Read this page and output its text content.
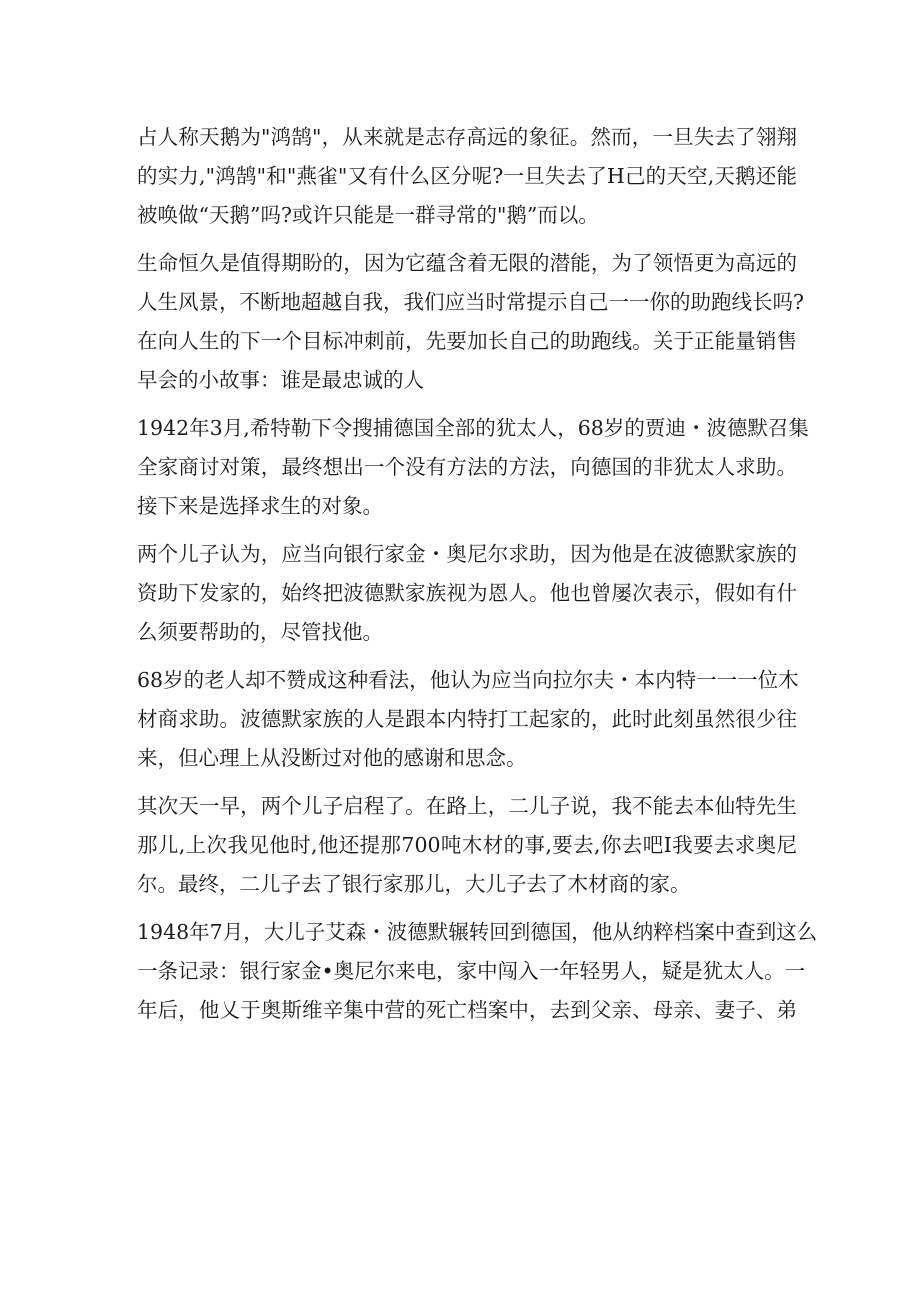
占人称天鹅为"鸿鹄"，从来就是志存高远的象征。然而，一旦失去了翎翔
的实力,"鸿鹄"和"燕雀"又有什么区分呢?一旦失去了H己的天空,天鹅还能
被唤做“天鹅”吗?或许只能是一群寻常的"鹅”而以。
生命恒久是值得期盼的，因为它蕴含着无限的潜能，为了领悟更为高远的
人生风景，不断地超越自我，我们应当时常提示自己一一你的助跑线长吗?
在向人生的下一个目标冲刺前，先要加长自己的助跑线。关于正能量销售
早会的小故事：谁是最忠诚的人
1942年3月,希特勒下令搜捕德国全部的犹太人，68岁的贾迪・波德默召集
全家商讨对策，最终想出一个没有方法的方法，向德国的非犹太人求助。
接下来是选择求生的对象。
两个儿子认为，应当向银行家金・奥尼尔求助，因为他是在波德默家族的
资助下发家的，始终把波德默家族视为恩人。他也曾屡次表示，假如有什
么须要帮助的，尽管找他。
68岁的老人却不赞成这种看法，他认为应当向拉尔夫・本内特一一一位木
材商求助。波德默家族的人是跟本内特打工起家的，此时此刻虽然很少往
来，但心理上从没断过对他的感谢和思念。
其次天一早，两个儿子启程了。在路上，二儿子说，我不能去本仙特先生
那儿,上次我见他时,他还提那700吨木材的事,要去,你去吧I我要去求奥尼
尔。最终，二儿子去了银行家那儿，大儿子去了木材商的家。
1948年7月，大儿子艾森・波德默辗转回到德国，他从纳粹档案中查到这么
一条记录：银行家金•奥尼尔来电，家中闯入一年轻男人，疑是犹太人。一
年后，他乂于奥斯维辛集中营的死亡档案中，去到父亲、母亲、妻子、弟
